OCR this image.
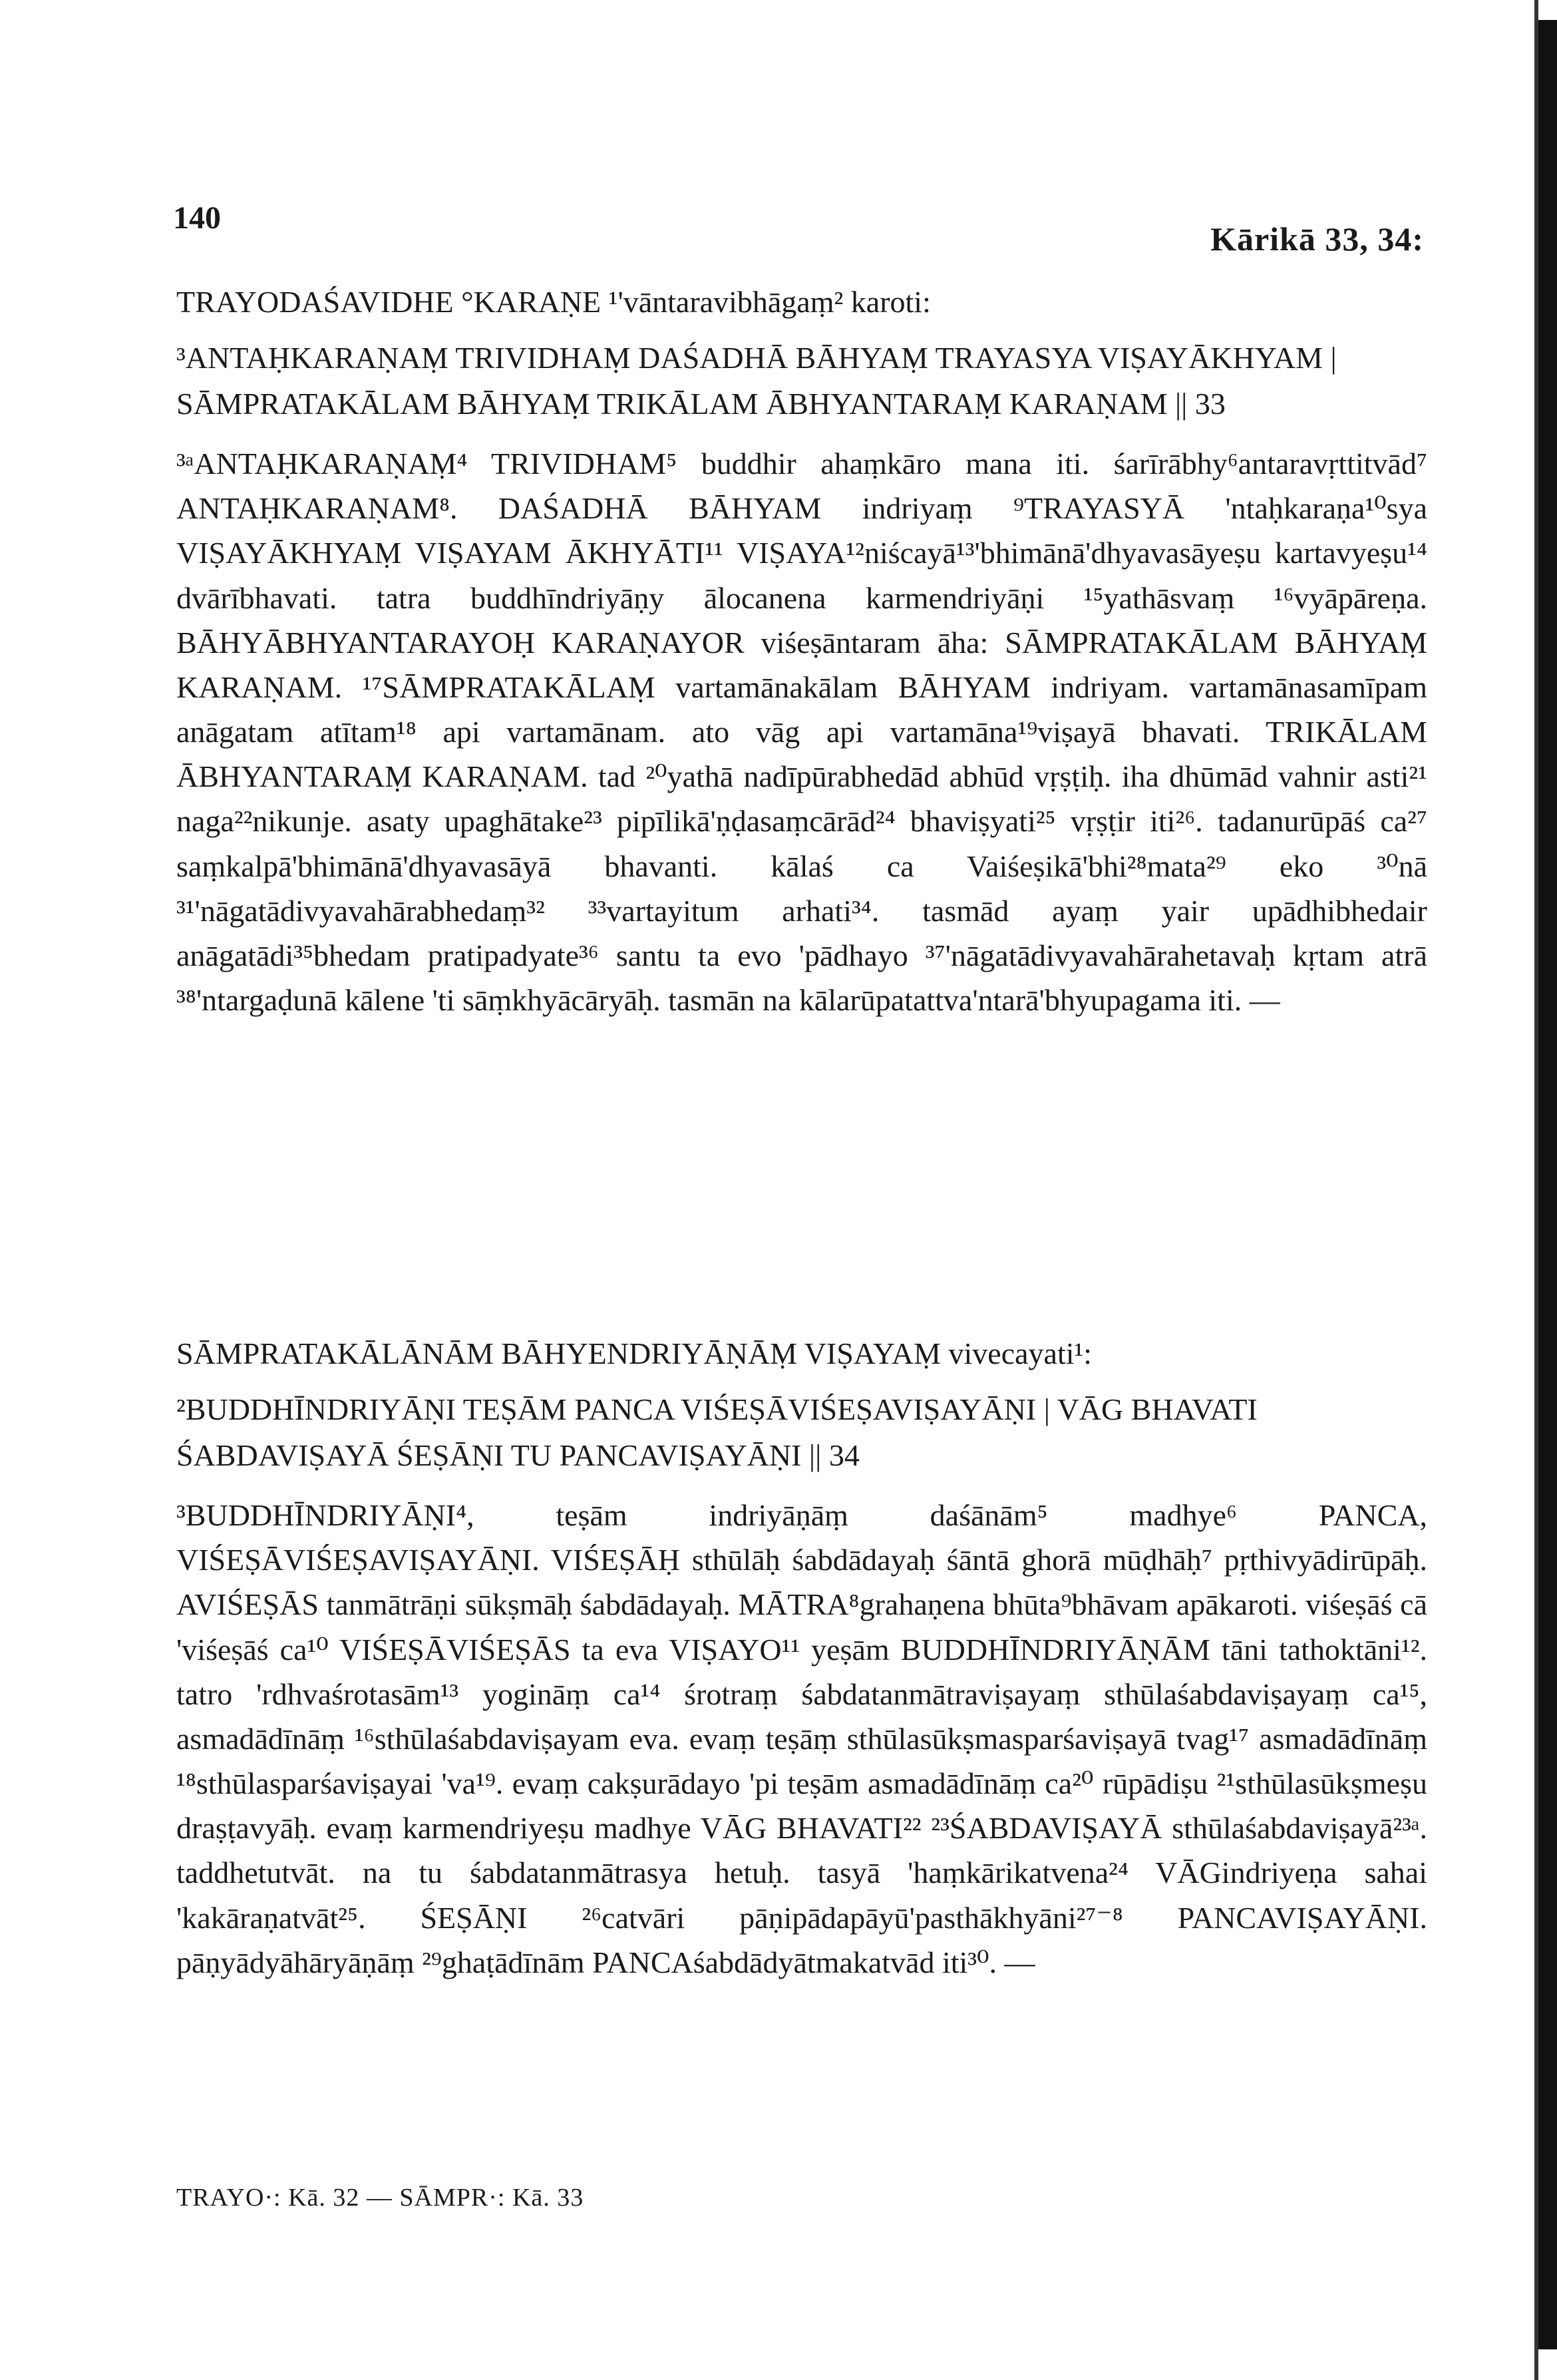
140
Kārikā 33, 34:

TRAYODAŚAVIDHE °KARAṆE ¹'vāntaravibhāgaṃ² karoti:

³ANTAḤKARAṆAṂ TRIVIDHAṂ DAŚADHĀ BĀHYAṂ TRAYASYA VIṢAYĀKHYAM | SĀMPRATAKĀLAM BĀHYAṂ TRIKĀLAM ĀBHYANTARAṂ KARAṆAM || 33

³ᵃANTAḤKARAṆAṂ⁴ TRIVIDHAM⁵ buddhir ahaṃkāro mana iti. śarīrābhy⁶antaravṛttitvād⁷ ANTAḤKARAṆAM⁸. DAŚADHĀ BĀHYAM indriyaṃ ⁹TRAYASYĀ 'ntaḥkaraṇa¹⁰sya VIṢAYĀKHYAṂ VIṢAYAM ĀKHYĀTI¹¹ VIṢAYA¹²niścayā¹³'bhimānā'dhyavasāyeṣu kartavyeṣu¹⁴ dvārībhavati. tatra buddhīndriyāṇy ālocanena karmendriyāṇi ¹⁵yathāsvaṃ ¹⁶vyāpāreṇa. BĀHYĀBHYANTARAYOḤ KARAṆAYOR viśeṣāntaram āha: SĀMPRATAKĀLAM BĀHYAṂ KARAṆAM. ¹⁷SĀMPRATAKĀLAṂ vartamānakālam BĀHYAM indriyam. vartamānasamīpam anāgatam atītam¹⁸ api vartamānam. ato vāg api vartamāna¹⁹viṣayā bhavati. TRIKĀLAM ĀBHYANTARAṂ KARAṆAM. tad ²⁰yathā nadīpūrabhedād abhūd vṛṣṭiḥ. iha dhūmād vahnir asti²¹ naga²²nikunje. asaty upaghātake²³ pipīlikā'ṇḍasaṃcārād²⁴ bhaviṣyati²⁵ vṛṣṭir iti²⁶. tadanurūpāś ca²⁷ saṃkalpā'bhimānā'dhyavasāyā bhavanti. kālaś ca Vaiśeṣikā'bhi²⁸mata²⁹ eko ³⁰nā ³¹'nāgatādivyavahārabhedaṃ³² ³³vartayitum arhati³⁴. tasmād ayaṃ yair upādhibhedair anāgatādi³⁵bhedam pratipadyate³⁶ santu ta evo 'pādhayo ³⁷'nāgatādivyavahārahetavaḥ kṛtam atrā ³⁸'ntargaḍunā kālene 'ti sāṃkhyācāryāḥ. tasmān na kālarūpatattva'ntarā'bhyupagama iti. —

SĀMPRATAKĀLĀNĀM BĀHYENDRIYĀṆĀṂ VIṢAYAṂ vivecayati¹:

²BUDDHĪNDRIYĀṆI TEṢĀM PANCA VIŚEṢĀVIŚEṢAVIṢAYĀṆI | VĀG BHAVATI ŚABDAVIṢAYĀ ŚEṢĀṆI TU PANCAVIṢAYĀṆI || 34

³BUDDHĪNDRIYĀṆI⁴, teṣām indriyāṇāṃ daśānām⁵ madhye⁶ PANCA, VIŚEṢĀVIŚEṢAVIṢAYĀṆI. VIŚEṢĀḤ sthūlāḥ śabdādayaḥ śāntā ghorā mūḍhāḥ⁷ pṛthivyādirūpāḥ. AVIŚEṢĀS tanmātrāṇi sūkṣmāḥ śabdādayaḥ. MĀTRA⁸grahaṇena bhūta⁹bhāvam apākaroti. viśeṣāś cā 'viśeṣāś ca¹⁰ VIŚEṢĀVIŚEṢĀS ta eva VIṢAYO¹¹ yeṣām BUDDHĪNDRIYĀṆĀM tāni tathoktāni¹². tatro 'rdhvaśrotasām¹³ yogināṃ ca¹⁴ śrotraṃ śabdatanmātraviṣayaṃ sthūlaśabdaviṣayaṃ ca¹⁵, asmadādīnāṃ ¹⁶sthūlaśabdaviṣayam eva. evaṃ teṣāṃ sthūlasūkṣmasparśaviṣayā tvag¹⁷ asmadādīnāṃ ¹⁸sthūlasparśaviṣayai 'va¹⁹. evaṃ cakṣurādayo 'pi teṣām asmadādīnāṃ ca²⁰ rūpādiṣu ²¹sthūlasūkṣmeṣu draṣṭavyāḥ. evaṃ karmendriyeṣu madhye VĀG BHAVATI²² ²³ŚABDAVIṢAYĀ sthūlaśabdaviṣayā²³ᵃ. taddhetutvāt. na tu śabdatanmātrasya hetuḥ. tasyā 'haṃkārikatvena²⁴ VĀGindriyeṇa sahai 'kakāraṇatvāt²⁵. ŚEṢĀṆI ²⁶catvāri pāṇipādapāyū'pasthākhyāni²⁷⁻⁸ PANCAVIṢAYĀṆI. pāṇyādyāhāryāṇāṃ ²⁹ghaṭādīnām PANCAśabdādyātmakatvād iti³⁰. —

TRAYO·: Kā. 32 — SĀMPR·: Kā. 33
